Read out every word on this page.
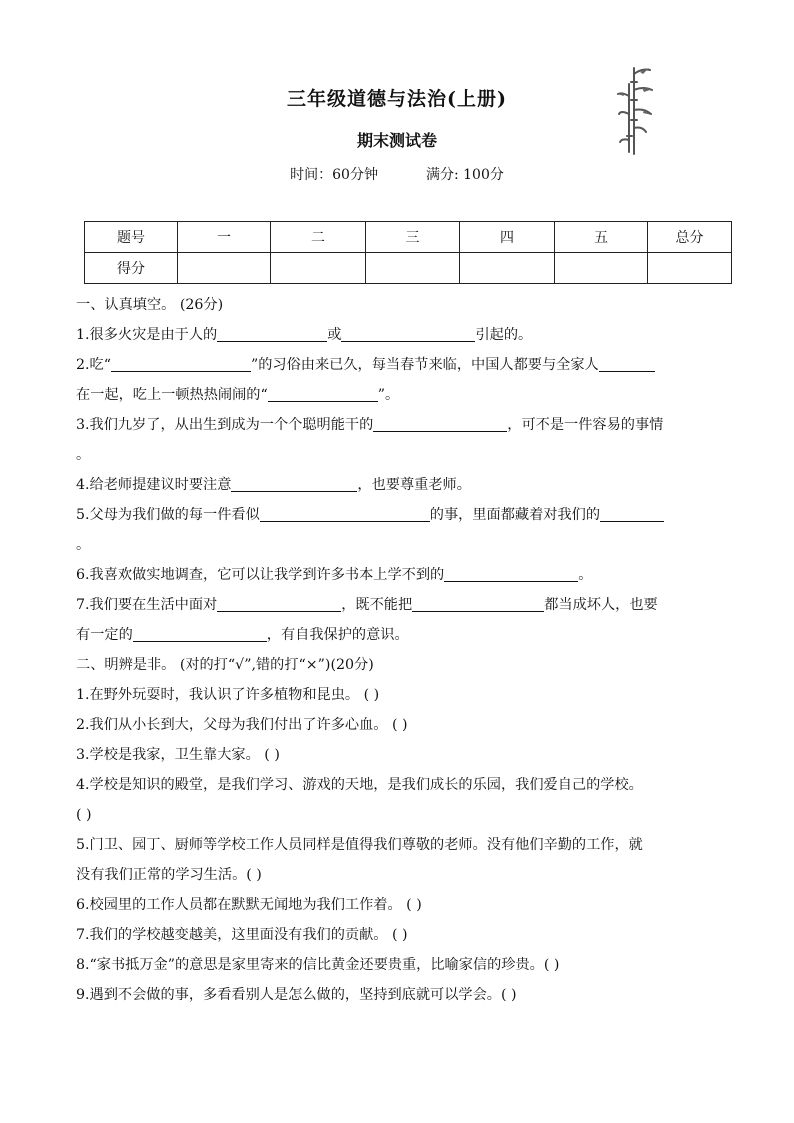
三年级道德与法治(上册)
期末测试卷
时间：60分钟	满分: 100分
题号	一	二	三	四	五	总分
得分						
一、认真填空。 (26分)
1.很多火灾是由于人的	或	引起的。
2.吃“	”的习俗由来已久，每当春节来临，中国人都要与全家人
在一起，吃上一顿热热闹闹的“	”。
3.我们九岁了，从出生到成为一个个聪明能干的	，可不是一件容易的事情
。
4.给老师提建议时要注意	，也要尊重老师。
5.父母为我们做的每一件看似	的事，里面都藏着对我们的
。
6.我喜欢做实地调查，它可以让我学到许多书本上学不到的	。
7.我们要在生活中面对	，既不能把	都当成坏人，也要
有一定的	，有自我保护的意识。
二、明辨是非。 (对的打“√”,错的打“×”)(20分)
1.在野外玩耍时，我认识了许多植物和昆虫。 ( )
2.我们从小长到大，父母为我们付出了许多心血。 ( )
3.学校是我家，卫生靠大家。 ( )
4.学校是知识的殿堂，是我们学习、游戏的天地，是我们成长的乐园，我们爱自己的学校。
( )
5.门卫、园丁、厨师等学校工作人员同样是值得我们尊敬的老师。没有他们辛勤的工作，就
没有我们正常的学习生活。( )
6.校园里的工作人员都在默默无闻地为我们工作着。 ( )
7.我们的学校越变越美，这里面没有我们的贡献。 ( )
8.“家书抵万金”的意思是家里寄来的信比黄金还要贵重，比喻家信的珍贵。( )
9.遇到不会做的事，多看看别人是怎么做的，坚持到底就可以学会。( )
